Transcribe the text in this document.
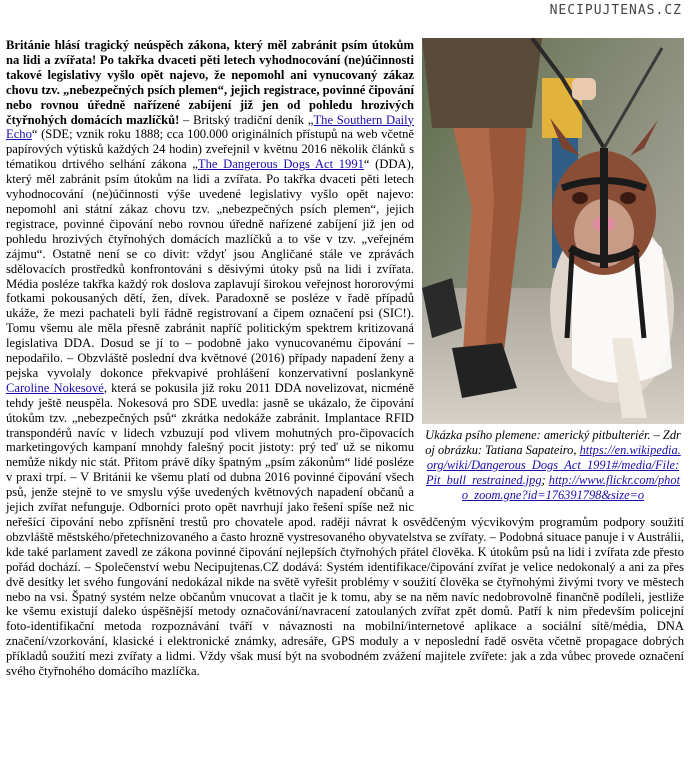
NECIPUJTENAS.CZ
Ukázka psího plemene: americký pitbulteriér. – Zdroj obrázku: Tatiana Sapateiro, https://en.wikipedia.org/wiki/Dangerous_Dogs_Act_1991#/media/File:Pit_bull_restrained.jpg; http://www.flickr.com/photo_zoom.gne?id=176391798&size=o

Británie hlásí tragický neúspěch zákona, který měl zabránit psím útokům na lidi a zvířata! Po takřka dvaceti pěti letech vyhodnocování (ne)účinnosti takové legislativy vyšlo opět najevo, že nepomohl ani vynucovaný zákaz chovu tzv. „nebezpečných psích plemen“, jejich registrace, povinné čipování nebo rovnou úředně nařízené zabíjení již jen od pohledu hrozivých čtyřnohých domácích mazlíčků! – Britský tradiční deník „The Southern Daily Echo“ (SDE; vznik roku 1888; cca 100.000 originálních přístupů na web včetně papírových výtisků každých 24 hodin) zveřejnil v květnu 2016 několik článků s tématikou drtivého selhání zákona „The Dangerous Dogs Act 1991“ (DDA), který měl zabránit psím útokům na lidi a zvířata. Po takřka dvaceti pěti letech vyhodnocování (ne)účinnosti výše uvedené legislativy vyšlo opět najevo: nepomohl ani státní zákaz chovu tzv. „nebezpečných psích plemen“, jejich registrace, povinné čipování nebo rovnou úředně nařízené zabíjení již jen od pohledu hrozivých čtyřnohých domácích mazlíčků a to vše v tzv. „veřejném zájmu“. Ostatně není se co divit: vždyť jsou Angličané stále ve zprávách sdělovacích prostředků konfrontováni s děsivými útoky psů na lidi i zvířata. Média posléze takřka každý rok doslova zaplavují širokou veřejnost hororovými fotkami pokousaných dětí, žen, dívek. Paradoxně se posléze v řadě případů ukáže, že mezi pachateli byli řádně registrovaní a čipem označení psi (SIC!). Tomu všemu ale měla přesně zabránit napříč politickým spektrem kritizovaná legislativa DDA. Dosud se jí to – podobně jako vynucovanému čipování – nepodařilo. – Obzvláště poslední dva květnové (2016) případy napadení ženy a pejska vyvolaly dokonce překvapivé prohlášení konzervativní poslankyně Caroline Nokesové, která se pokusila již roku 2011 DDA novelizovat, nicméně tehdy ještě neuspěla. Nokesová pro SDE uvedla: jasně se ukázalo, že čipování útokům tzv. „nebezpečných psů“ zkrátka nedokáže zabránit. Implantace RFID transpondérů navíc v lidech vzbuzují pod vlivem mohutných pro-čipovacích marketingových kampaní mnohdy falešný pocit jistoty: prý teď už se nikomu nemůže nikdy nic stát. Přitom právě díky špatným „psím zákonům“ lidé posléze v praxi trpí. – V Británii ke všemu platí od dubna 2016 povinné čipování všech psů, jenže stejně to ve smyslu výše uvedených květnových napadení občanů a jejich zvířat nefunguje. Odborníci proto opět navrhují jako řešení spíše než nic neřešící čipování nebo zpřísnění trestů pro chovatele apod. raději návrat k osvědčeným výcvikovým programům podpory soužití obzvláště městského/přetechnizovaného a často hrozně vystresovaného obyvatelstva se zvířaty. – Podobná situace panuje i v Austrálii, kde také parlament zavedl ze zákona povinné čipování nejlepších čtyřnohých přátel člověka. K útokům psů na lidi i zvířata zde přesto pořád dochází. – Společenství webu Necipujtenas.CZ dodává: Systém identifikace/čipování zvířat je velice nedokonalý a ani za přes dvě desítky let svého fungování nedokázal nikde na světě vyřešit problémy v soužití člověka se čtyřnohými živými tvory ve městech nebo na vsi. Špatný systém nelze občanům vnucovat a tlačit je k tomu, aby se na něm navíc nedobrovolně finančně podíleli, jestliže ke všemu existují daleko úspěšnější metody označování/navracení zatoulaných zvířat zpět domů. Patří k nim především policejní foto-identifikační metoda rozpoznávání tváří v návaznosti na mobilní/internetové aplikace a sociální sítě/média, DNA značení/vzorkování, klasické i elektronické známky, adresáře, GPS moduly a v neposlední řadě osvěta včetně propagace dobrých příkladů soužití mezi zvířaty a lidmi. Vždy však musí být na svobodném zvážení majitele zvířete: jak a zda vůbec provede označení svého čtyřnohého domácího mazlíčka.
